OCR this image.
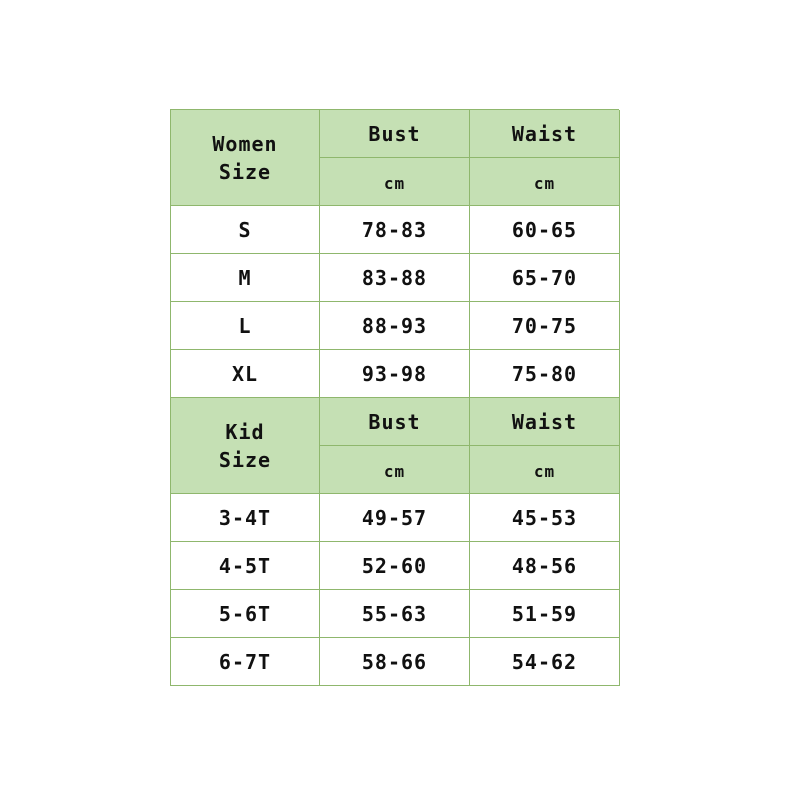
Women
Size
Bust	Waist
cm	cm
S	78-83	60-65
M	83-88	65-70
L	88-93	70-75
XL	93-98	75-80
Kid
Size
Bust	Waist
cm	cm
3-4T	49-57	45-53
4-5T	52-60	48-56
5-6T	55-63	51-59
6-7T	58-66	54-62
